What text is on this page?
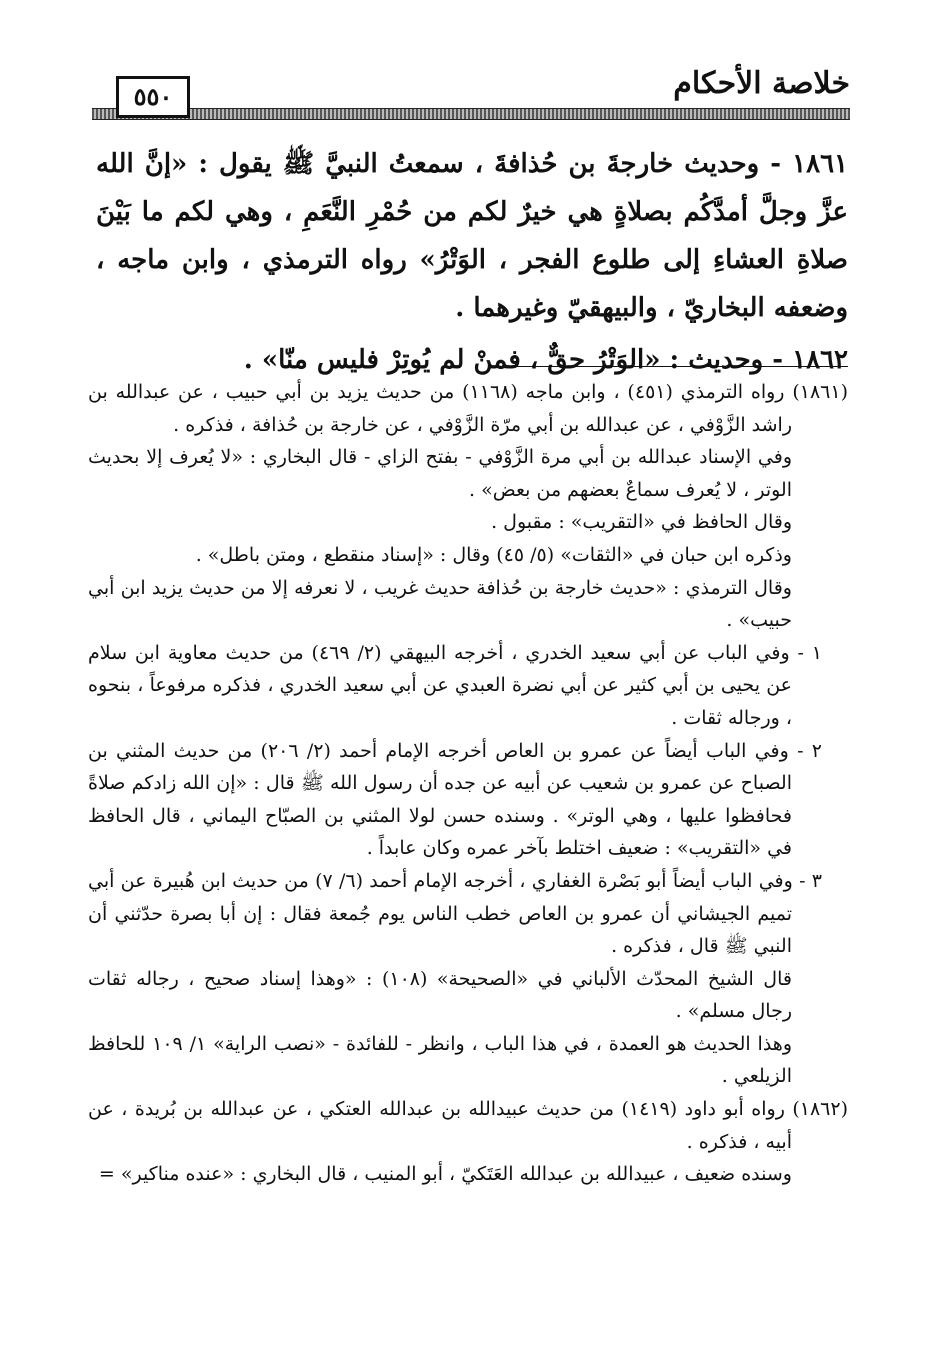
خلاصة الأحكام
٥٥٠

١٨٦١ - وحديث خارجةَ بن حُذافةَ ، سمعتُ النبيَّ ﷺ يقول : «إنَّ الله عزَّ وجلَّ أمدَّكُم بصلاةٍ هي خيرٌ لكم من حُمْرِ النَّعَمِ ، وهي لكم ما بَيْنَ صلاةِ العشاءِ إلى طلوع الفجر ، الوَتْرُ» رواه الترمذي ، وابن ماجه ، وضعفه البخاريّ ، والبيهقيّ وغيرهما .

١٨٦٢ - وحديث : «الوَتْرُ حقٌّ ، فمنْ لم يُوتِرْ فليس منّا» .

(١٨٦١) رواه الترمذي (٤٥١) ، وابن ماجه (١١٦٨) من حديث يزيد بن أبي حبيب ، عن عبدالله بن راشد الزَّوْفي ، عن عبدالله بن أبي مرّة الزَّوْفي ، عن خارجة بن حُذافة ، فذكره .

وفي الإسناد عبدالله بن أبي مرة الزَّوْفي - بفتح الزاي - قال البخاري : «لا يُعرف إلا بحديث الوتر ، لا يُعرف سماعٌ بعضهم من بعض» .

وقال الحافظ في «التقريب» : مقبول .

وذكره ابن حبان في «الثقات» (٥/ ٤٥) وقال : «إسناد منقطع ، ومتن باطل» .

وقال الترمذي : «حديث خارجة بن حُذافة حديث غريب ، لا نعرفه إلا من حديث يزيد ابن أبي حبيب» .

١ - وفي الباب عن أبي سعيد الخدري ، أخرجه البيهقي (٢/ ٤٦٩) من حديث معاوية ابن سلام عن يحيى بن أبي كثير عن أبي نضرة العبدي عن أبي سعيد الخدري ، فذكره مرفوعاً ، بنحوه ، ورجاله ثقات .

٢ - وفي الباب أيضاً عن عمرو بن العاص أخرجه الإمام أحمد (٢/ ٢٠٦) من حديث المثني بن الصباح عن عمرو بن شعيب عن أبيه عن جده أن رسول الله ﷺ قال : «إن الله زادكم صلاةً فحافظوا عليها ، وهي الوتر» . وسنده حسن لولا المثني بن الصبّاح اليماني ، قال الحافظ في «التقريب» : ضعيف اختلط بآخر عمره وكان عابداً .

٣ - وفي الباب أيضاً أبو بَصْرة الغفاري ، أخرجه الإمام أحمد (٦/ ٧) من حديث ابن هُبيرة عن أبي تميم الجيشاني أن عمرو بن العاص خطب الناس يوم جُمعة فقال : إن أبا بصرة حدّثني أن النبي ﷺ قال ، فذكره .

قال الشيخ المحدّث الألباني في «الصحيحة» (١٠٨) : «وهذا إسناد صحيح ، رجاله ثقات رجال مسلم» .

وهذا الحديث هو العمدة ، في هذا الباب ، وانظر - للفائدة - «نصب الراية» ١/ ١٠٩ للحافظ الزيلعي .

(١٨٦٢) رواه أبو داود (١٤١٩) من حديث عبيدالله بن عبدالله العتكي ، عن عبدالله بن بُريدة ، عن أبيه ، فذكره .

وسنده ضعيف ، عبيدالله بن عبدالله العَتَكيّ ، أبو المنيب ، قال البخاري : «عنده مناكير» =
